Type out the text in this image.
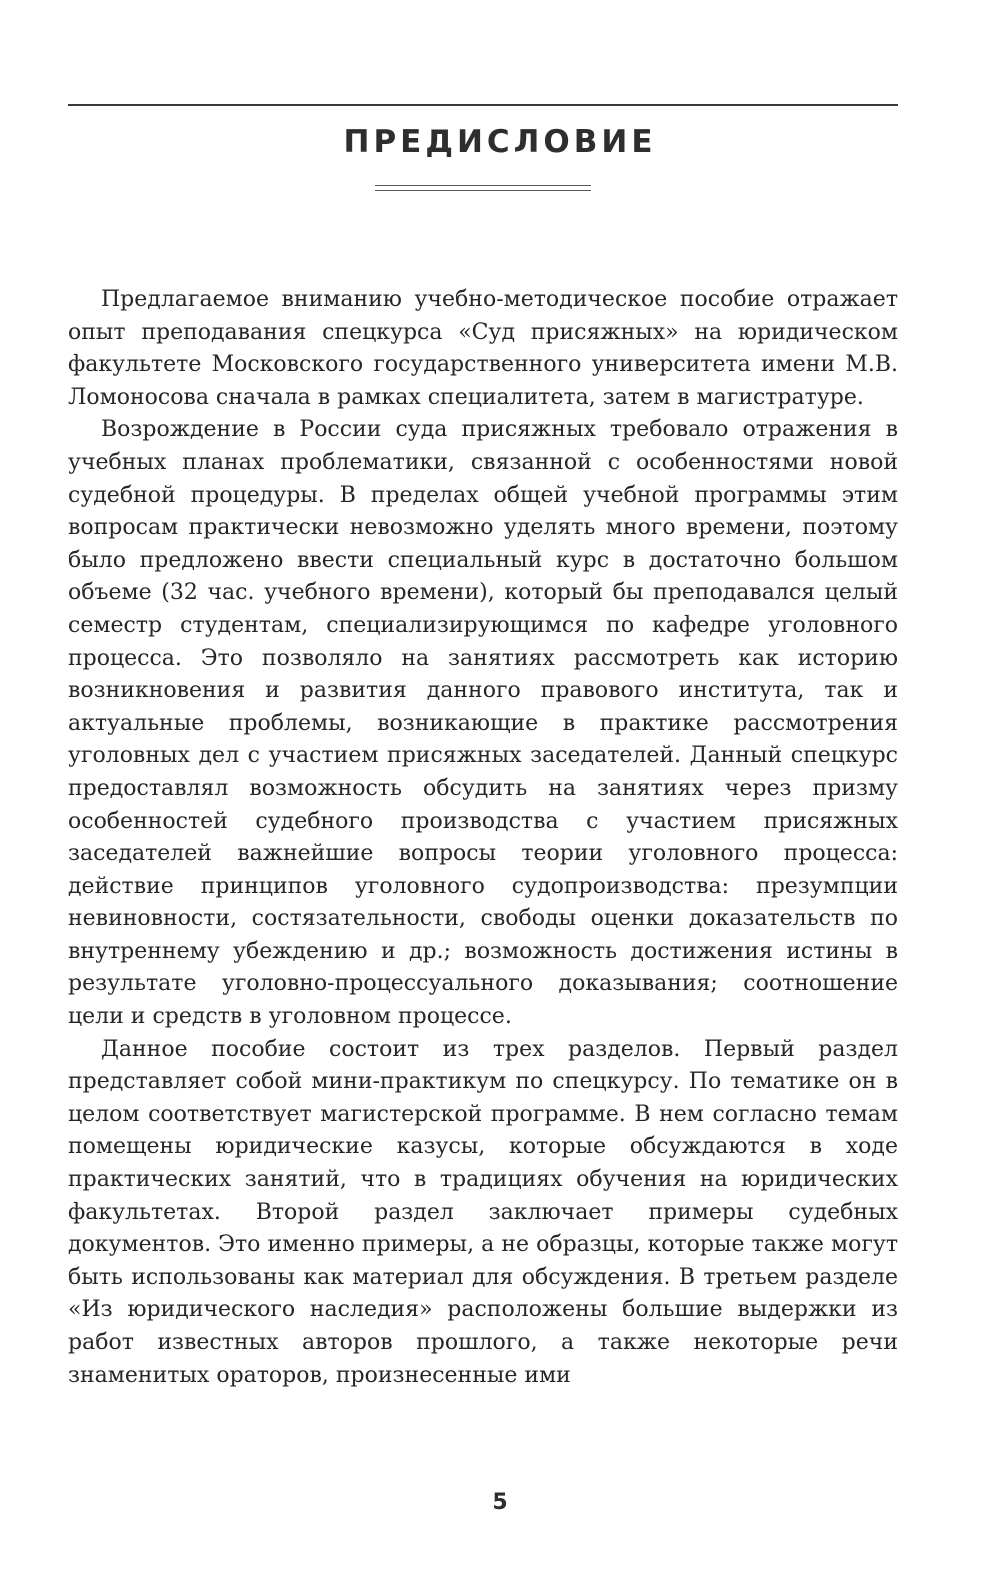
ПРЕДИСЛОВИЕ

Предлагаемое вниманию учебно-методическое пособие отражает опыт преподавания спецкурса «Суд присяжных» на юридическом факультете Московского государственного университета имени М.В. Ломоносова сначала в рамках специалитета, затем в магистратуре.

Возрождение в России суда присяжных требовало отражения в учебных планах проблематики, связанной с особенностями новой судебной процедуры. В пределах общей учебной программы этим вопросам практически невозможно уделять много времени, поэтому было предложено ввести специальный курс в достаточно большом объеме (32 час. учебного времени), который бы преподавался целый семестр студентам, специализирующимся по кафедре уголовного процесса. Это позволяло на занятиях рассмотреть как историю возникновения и развития данного правового института, так и актуальные проблемы, возникающие в практике рассмотрения уголовных дел с участием присяжных заседателей. Данный спецкурс предоставлял возможность обсудить на занятиях через призму особенностей судебного производства с участием присяжных заседателей важнейшие вопросы теории уголовного процесса: действие принципов уголовного судопроизводства: презумпции невиновности, состязательности, свободы оценки доказательств по внутреннему убеждению и др.; возможность достижения истины в результате уголовно-процессуального доказывания; соотношение цели и средств в уголовном процессе.

Данное пособие состоит из трех разделов. Первый раздел представляет собой мини-практикум по спецкурсу. По тематике он в целом соответствует магистерской программе. В нем согласно темам помещены юридические казусы, которые обсуждаются в ходе практических занятий, что в традициях обучения на юридических факультетах. Второй раздел заключает примеры судебных документов. Это именно примеры, а не образцы, которые также могут быть использованы как материал для обсуждения. В третьем разделе «Из юридического наследия» расположены большие выдержки из работ известных авторов прошлого, а также некоторые речи знаменитых ораторов, произнесенные ими

5
